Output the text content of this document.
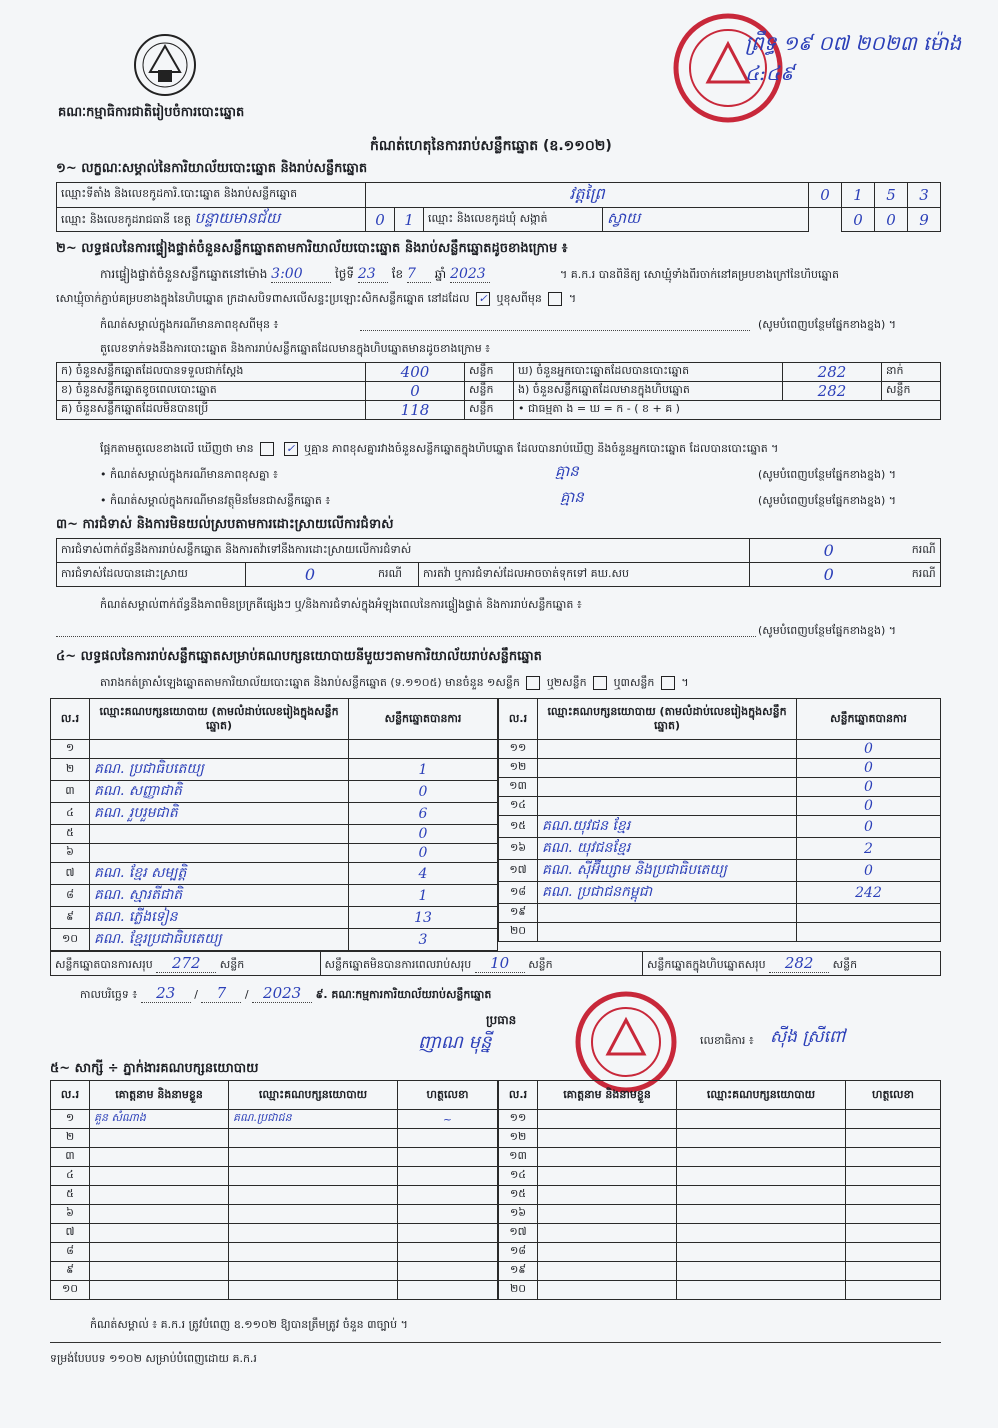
គណៈកម្មាធិការជាតិរៀបចំការបោះឆ្នោត
ព្រឹទ្ធ ១៩ ០៧ ២០២៣ ម៉ោង ៤:៤៩
កំណត់ហេតុនៃការរាប់សន្លឹកឆ្នោត (ឧ.១១០២)
១~ លក្ខណៈសម្គាល់នៃការិយាល័យបោះឆ្នោត និងរាប់សន្លឹកឆ្នោត
ឈ្មោះទីតាំង និងលេខកូដការិ.បោះឆ្នោត និងរាប់សន្លឹកឆ្នោត	វត្តព្រៃ				0	1	5	3
ឈ្មោះ និងលេខកូដរាជធានី ខេត្ត បន្ទាយមានជ័យ	0	1	ឈ្មោះ និងលេខកូដឃុំ សង្កាត់	ស្វាយ		0	0	9
២~ លទ្ធផលនៃការផ្ទៀងផ្ទាត់ចំនួនសន្លឹកឆ្នោតតាមការិយាល័យបោះឆ្នោត និងរាប់សន្លឹកឆ្នោតដូចខាងក្រោម ៖
ការផ្ទៀងផ្ទាត់ចំនួនសន្លឹកឆ្នោតនៅម៉ោង 3:00	ថ្ងៃទី 23 ខែ 7 ឆ្នាំ 2023	។ គ.ក.រ បានពិនិត្យ សោឃ្មុំទាំងពីរចាក់នៅគម្របខាងក្រៅនៃហិបឆ្នោត
សោឃ្មុំចាក់ភ្ជាប់គម្របខាងក្នុងនៃហិបឆ្នោត ក្រដាសបិទពាសលើសន្ទះប្រឡោះសិកសន្លឹកឆ្នោត នៅដដែល ✓ ឬខុសពីមុន  ។
កំណត់សម្គាល់ក្នុងករណីមានភាពខុសពីមុន ៖	(សូមបំពេញបន្ថែមផ្នែកខាងខ្នង) ។
តួលេខទាក់ទងនឹងការបោះឆ្នោត និងការរាប់សន្លឹកឆ្នោតដែលមានក្នុងហិបឆ្នោតមានដូចខាងក្រោម ៖
ក) ចំនួនសន្លឹកឆ្នោតដែលបានទទួលជាក់ស្តែង	400	សន្លឹក	ឃ) ចំនួនអ្នកបោះឆ្នោតដែលបានបោះឆ្នោត	282	នាក់
ខ) ចំនួនសន្លឹកឆ្នោតខូចពេលបោះឆ្នោត	0	សន្លឹក	ង) ចំនួនសន្លឹកឆ្នោតដែលមានក្នុងហិបឆ្នោត	282	សន្លឹក
គ) ចំនួនសន្លឹកឆ្នោតដែលមិនបានប្រើ	118	សន្លឹក	• ជាធម្មតា ង = ឃ = ក - ( ខ + គ )		
ផ្អែកតាមតួលេខខាងលើ ឃើញថា មាន	✓ ឬគ្មាន ភាពខុសគ្នារវាងចំនួនសន្លឹកឆ្នោតក្នុងហិបឆ្នោត ដែលបានរាប់ឃើញ និងចំនួនអ្នកបោះឆ្នោត ដែលបានបោះឆ្នោត ។
• កំណត់សម្គាល់ក្នុងករណីមានភាពខុសគ្នា ៖	គ្មាន	(សូមបំពេញបន្ថែមផ្នែកខាងខ្នង) ។
• កំណត់សម្គាល់ក្នុងករណីមានវត្ថុមិនមែនជាសន្លឹកឆ្នោត ៖	គ្មាន	(សូមបំពេញបន្ថែមផ្នែកខាងខ្នង) ។
៣~ ការជំទាស់ និងការមិនយល់ស្របតាមការដោះស្រាយលើការជំទាស់
ការជំទាស់ពាក់ព័ន្ធនឹងការរាប់សន្លឹកឆ្នោត និងការតវ៉ាទៅនឹងការដោះស្រាយលើការជំទាស់				0	ករណី
ការជំទាស់ដែលបានដោះស្រាយ	0	ករណី	ការតវ៉ា ឬការជំទាស់ដែលអាចចាត់ទុកទៅ គឃ.សប	0	ករណី
កំណត់សម្គាល់ពាក់ព័ន្ធនឹងភាពមិនប្រក្រតីផ្សេងៗ ឬ/និងការជំទាស់ក្នុងអំឡុងពេលនៃការផ្ទៀងផ្ទាត់ និងការរាប់សន្លឹកឆ្នោត ៖
(សូមបំពេញបន្ថែមផ្នែកខាងខ្នង) ។
៤~ លទ្ធផលនៃការរាប់សន្លឹកឆ្នោតសម្រាប់គណបក្សនយោបាយនីមួយៗតាមការិយាល័យរាប់សន្លឹកឆ្នោត
តារាងកត់ត្រាសំឡេងឆ្នោតតាមការិយាល័យបោះឆ្នោត និងរាប់សន្លឹកឆ្នោត (ទ.១១០៥) មានចំនួន ១សន្លឹក ឬ២សន្លឹក ឬ៣សន្លឹក  ។
ល.រ	ឈ្មោះគណបក្សនយោបាយ (តាមលំដាប់លេខរៀងក្នុងសន្លឹកឆ្នោត)	សន្លឹកឆ្នោតបានការ
១		
២	គណ. ប្រជាធិបតេយ្យ	1
៣	គណ. សញ្ញាជាតិ	0
៤	គណ. រួបរួមជាតិ	6
៥		0
៦		0
៧	គណ. ខ្មែរ សម្បត្តិ	4
៨	គណ. ស្មារតីជាតិ	1
៩	គណ. ភ្លើងទៀន	13
១០	គណ. ខ្មែរប្រជាធិបតេយ្យ	3
ល.រ	ឈ្មោះគណបក្សនយោបាយ (តាមលំដាប់លេខរៀងក្នុងសន្លឹកឆ្នោត)	សន្លឹកឆ្នោតបានការ
១១		0
១២		0
១៣		0
១៤		0
១៥	គណ.យុវជន ខ្មែរ	0
១៦	គណ. យុវជនខ្មែរ	2
១៧	គណ. ស៊ីអ៊ីឃ្សាម និងប្រជាធិបតេយ្យ	0
១៨	គណ. ប្រជាជនកម្ពុជា	242
១៩		
២០		
សន្លឹកឆ្នោតបានការសរុប 272 សន្លឹក	សន្លឹកឆ្នោតមិនបានការពេលរាប់សរុប 10 សន្លឹក	សន្លឹកឆ្នោតក្នុងហិបឆ្នោតសរុប 282 សន្លឹក
កាលបរិច្ឆេទ ៖ 23 / 7 / 2023 ៩. គណៈកម្មការការិយាល័យរាប់សន្លឹកឆ្នោត
ប្រធាន
ញាណ មុន្នី	លេខាធិការ ៖ ស៊ីង ស្រីពៅ
៥~ សាក្សី ÷ ភ្នាក់ងារគណបក្សនយោបាយ
ល.រ	គោត្តនាម និងនាមខ្លួន	ឈ្មោះគណបក្សនយោបាយ	ហត្ថលេខា
១	គួន សំណាង	គណ.ប្រជាជន	~
២			
៣			
៤			
៥			
៦			
៧			
៨			
៩			
១០			
ល.រ	គោត្តនាម និងនាមខ្លួន	ឈ្មោះគណបក្សនយោបាយ	ហត្ថលេខា
១១			
១២			
១៣			
១៤			
១៥			
១៦			
១៧			
១៨			
១៩			
២០			
កំណត់សម្គាល់ ៖ គ.ក.រ ត្រូវបំពេញ ឧ.១១០២ ឱ្យបានត្រឹមត្រូវ ចំនួន ៣ច្បាប់ ។
ទម្រង់បែបបទ ១១០២ សម្រាប់បំពេញដោយ គ.ក.រ
